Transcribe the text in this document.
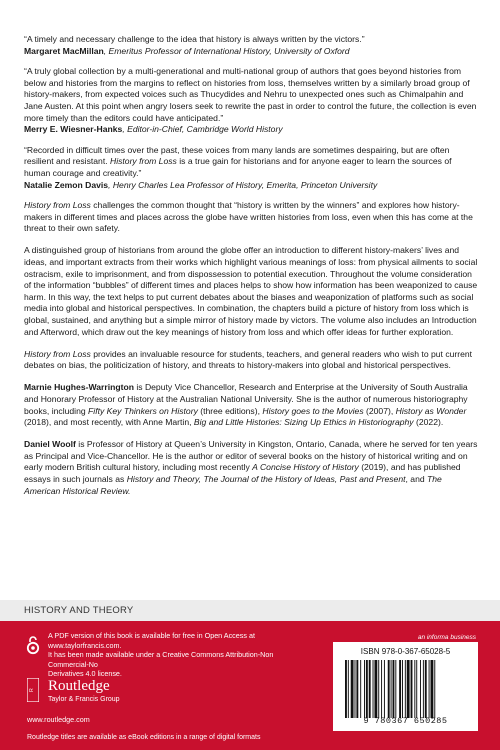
“A timely and necessary challenge to the idea that history is always written by the victors.”
Margaret MacMillan, Emeritus Professor of International History, University of Oxford

“A truly global collection by a multi-generational and multi-national group of authors that goes beyond histories from below and histories from the margins to reflect on histories from loss, themselves written by a similarly broad group of history-makers, from expected voices such as Thucydides and Nehru to unexpected ones such as Chimalpahin and Jane Austen. At this point when angry losers seek to rewrite the past in order to control the future, the collection is even more timely than the editors could have anticipated.”
Merry E. Wiesner-Hanks, Editor-in-Chief, Cambridge World History

“Recorded in difficult times over the past, these voices from many lands are sometimes despairing, but are often resilient and resistant. History from Loss is a true gain for historians and for anyone eager to learn the sources of human courage and creativity.”
Natalie Zemon Davis, Henry Charles Lea Professor of History, Emerita, Princeton University

History from Loss challenges the common thought that “history is written by the winners” and explores how history-makers in different times and places across the globe have written histories from loss, even when this has come at the threat to their own safety.

A distinguished group of historians from around the globe offer an introduction to different history-makers’ lives and ideas, and important extracts from their works which highlight various meanings of loss: from physical ailments to social ostracism, exile to imprisonment, and from dispossession to potential execution. Throughout the volume consideration of the information “bubbles” of different times and places helps to show how information has been weaponized to cause harm. In this way, the text helps to put current debates about the biases and weaponization of platforms such as social media into global and historical perspectives. In combination, the chapters build a picture of history from loss which is global, sustained, and anything but a simple mirror of history made by victors. The volume also includes an Introduction and Afterword, which draw out the key meanings of history from loss and which offer ideas for further exploration.

History from Loss provides an invaluable resource for students, teachers, and general readers who wish to put current debates on bias, the politicization of history, and threats to history-makers into global and historical perspectives.

Marnie Hughes-Warrington is Deputy Vice Chancellor, Research and Enterprise at the University of South Australia and Honorary Professor of History at the Australian National University. She is the author of numerous historiography books, including Fifty Key Thinkers on History (three editions), History goes to the Movies (2007), History as Wonder (2018), and most recently, with Anne Martin, Big and Little Histories: Sizing Up Ethics in Historiography (2022).

Daniel Woolf is Professor of History at Queen’s University in Kingston, Ontario, Canada, where he served for ten years as Principal and Vice-Chancellor. He is the author or editor of several books on the history of historical writing and on early modern British cultural history, including most recently A Concise History of History (2019), and has published essays in such journals as History and Theory, The Journal of the History of Ideas, Past and Present, and The American Historical Review.

HISTORY AND THEORY
A PDF version of this book is available for free in Open Access at www.taylorfrancis.com.
It has been made available under a Creative Commons Attribution-Non Commercial-No
Derivatives 4.0 license.
R Routledge
Taylor & Francis Group
www.routledge.com
Routledge titles are available as eBook editions in a range of digital formats
an informa business
ISBN 978-0-367-65028-5
9 780367 650285
